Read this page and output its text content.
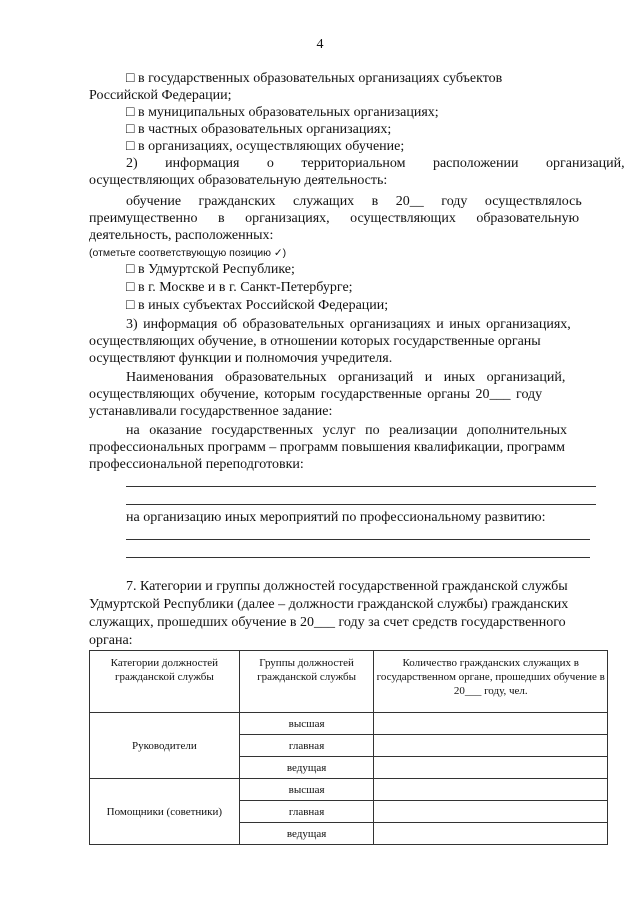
4
□ в государственных образовательных организациях субъектов
Российской Федерации;
□ в муниципальных образовательных организациях;
□ в частных образовательных организациях;
□ в организациях, осуществляющих обучение;
2) информация о территориальном расположении организаций,
осуществляющих образовательную деятельность:
обучение гражданских служащих в 20__ году осуществлялось
преимущественно в организациях, осуществляющих образовательную
деятельность, расположенных:
(отметьте соответствующую позицию ✓)
□ в Удмуртской Республике;
□ в г. Москве и в г. Санкт-Петербурге;
□ в иных субъектах Российской Федерации;
3) информация об образовательных организациях и иных организациях,
осуществляющих обучение, в отношении которых государственные органы
осуществляют функции и полномочия учредителя.
Наименования образовательных организаций и иных организаций,
осуществляющих обучение, которым государственные органы 20___ году
устанавливали государственное задание:
на оказание государственных услуг по реализации дополнительных
профессиональных программ – программ повышения квалификации, программ
профессиональной переподготовки:
на организацию иных мероприятий по профессиональному развитию:
7. Категории и группы должностей государственной гражданской службы
Удмуртской Республики (далее – должности гражданской службы) гражданских
служащих, прошедших обучение в 20___ году за счет средств государственного
органа:
Категории должностей гражданской службы	Группы должностей гражданской службы	Количество гражданских служащих в государственном органе, прошедших обучение в 20___ году, чел.
Руководители	высшая	
	главная	
	ведущая	
Помощники (советники)	высшая	
	главная	
	ведущая	
